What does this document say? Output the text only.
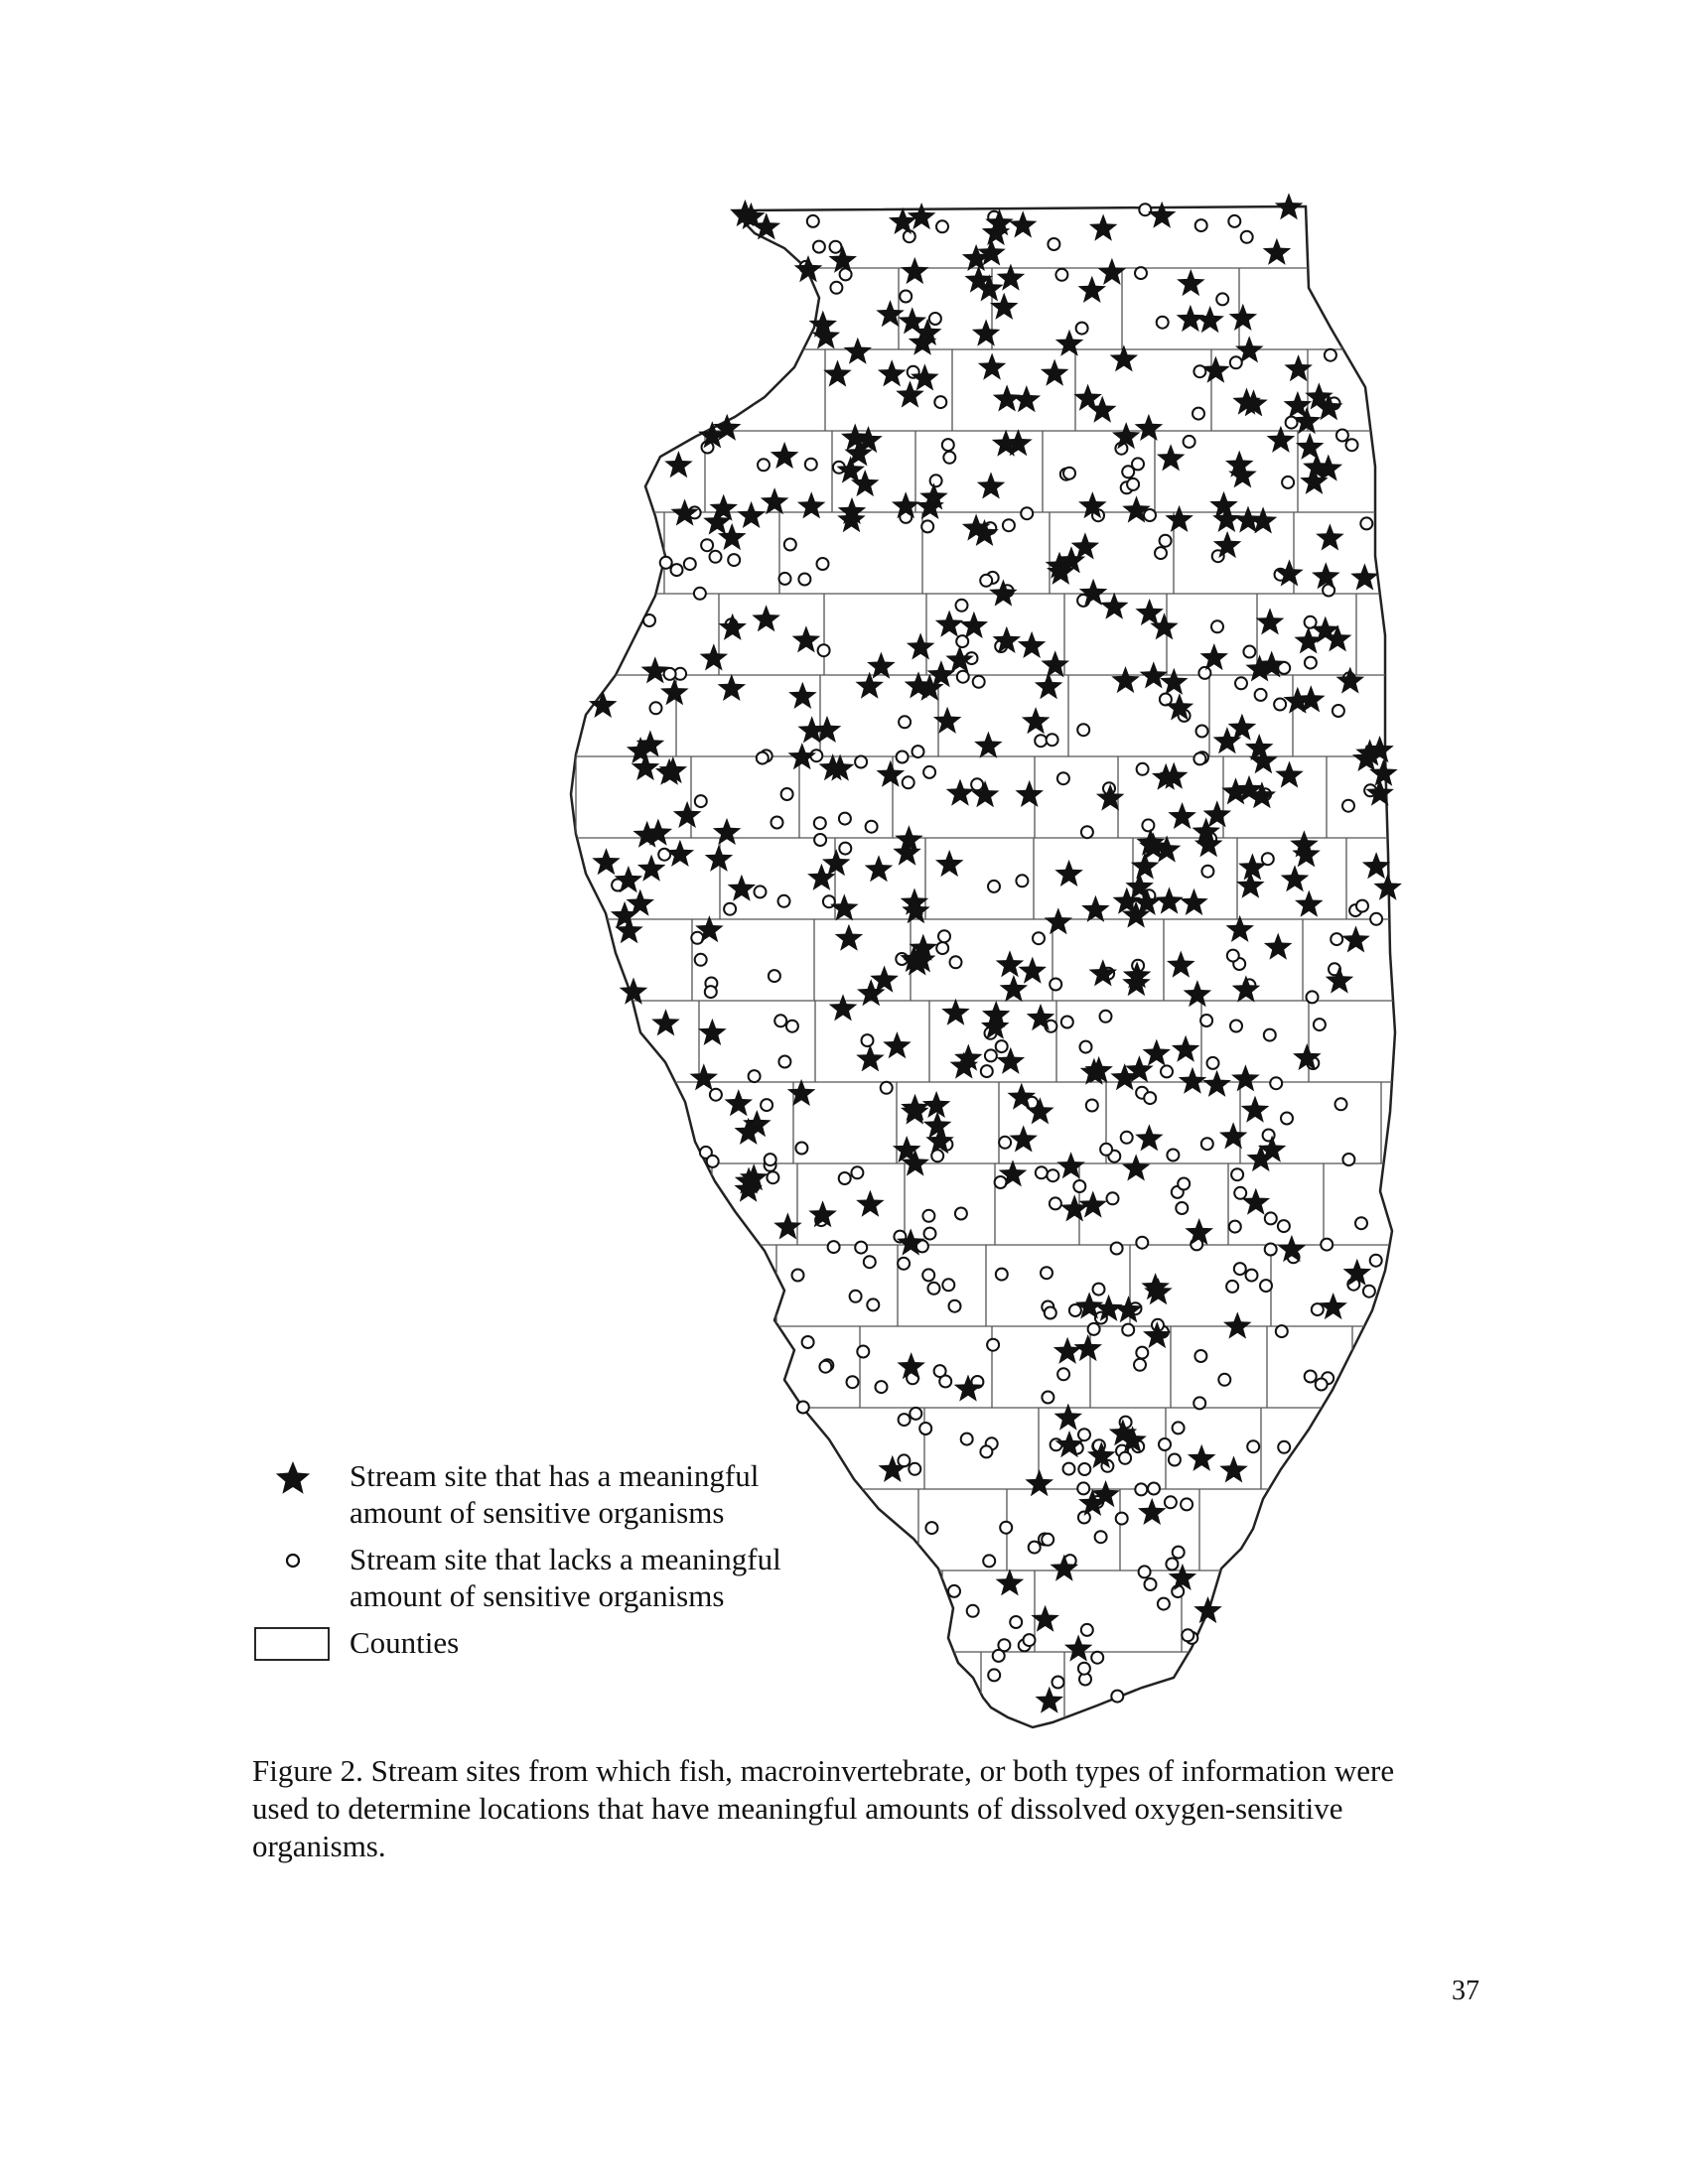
Stream site that has a meaningful
amount of sensitive organisms
Stream site that lacks a meaningful
amount of sensitive organisms
Counties
Figure 2. Stream sites from which fish, macroinvertebrate, or both types of information were used to determine locations that have meaningful amounts of dissolved oxygen-sensitive organisms.
37
